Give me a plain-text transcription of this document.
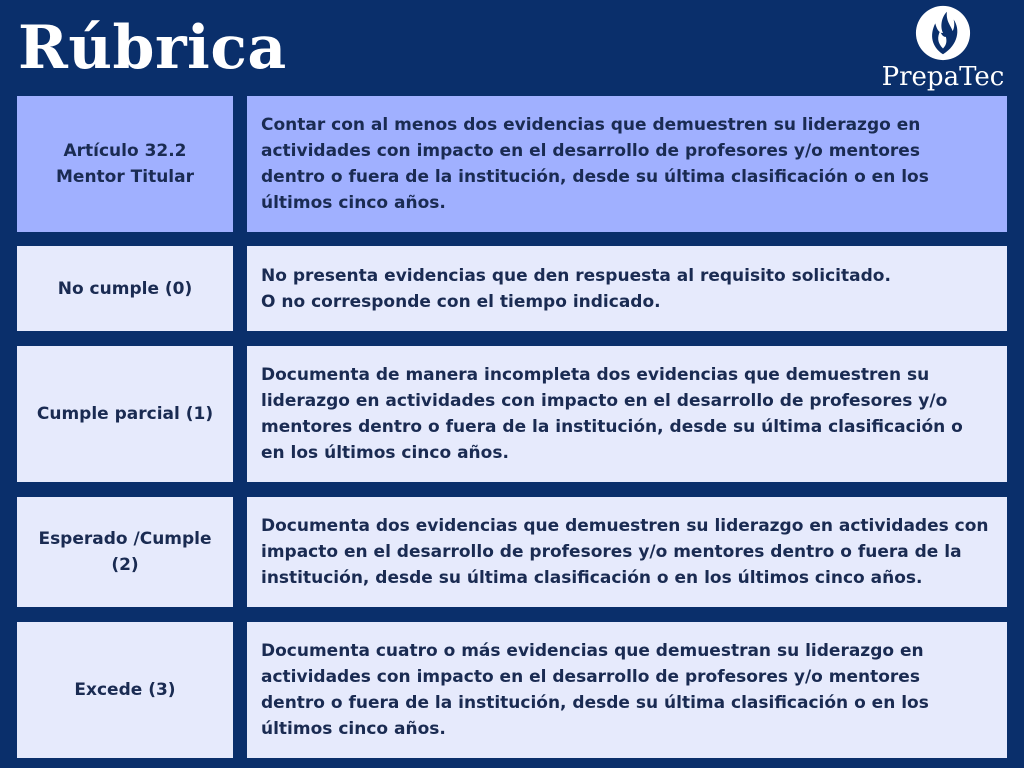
Rúbrica	PrepaTec
Artículo 32.2
Mentor Titular
Contar con al menos dos evidencias que demuestren su liderazgo en actividades con impacto en el desarrollo de profesores y/o mentores dentro o fuera de la institución, desde su última clasificación o en los últimos cinco años.
No cumple (0)
No presenta evidencias que den respuesta al requisito solicitado.
O no corresponde con el tiempo indicado.
Cumple parcial (1)
Documenta de manera incompleta dos evidencias que demuestren su liderazgo en actividades con impacto en el desarrollo de profesores y/o mentores dentro o fuera de la institución, desde su última clasificación o en los últimos cinco años.
Esperado /Cumple (2)
Documenta dos evidencias que demuestren su liderazgo en actividades con impacto en el desarrollo de profesores y/o mentores dentro o fuera de la institución, desde su última clasificación o en los últimos cinco años.
Excede (3)
Documenta cuatro o más evidencias que demuestran su liderazgo en actividades con impacto en el desarrollo de profesores y/o mentores dentro o fuera de la institución, desde su última clasificación o en los últimos cinco años.
